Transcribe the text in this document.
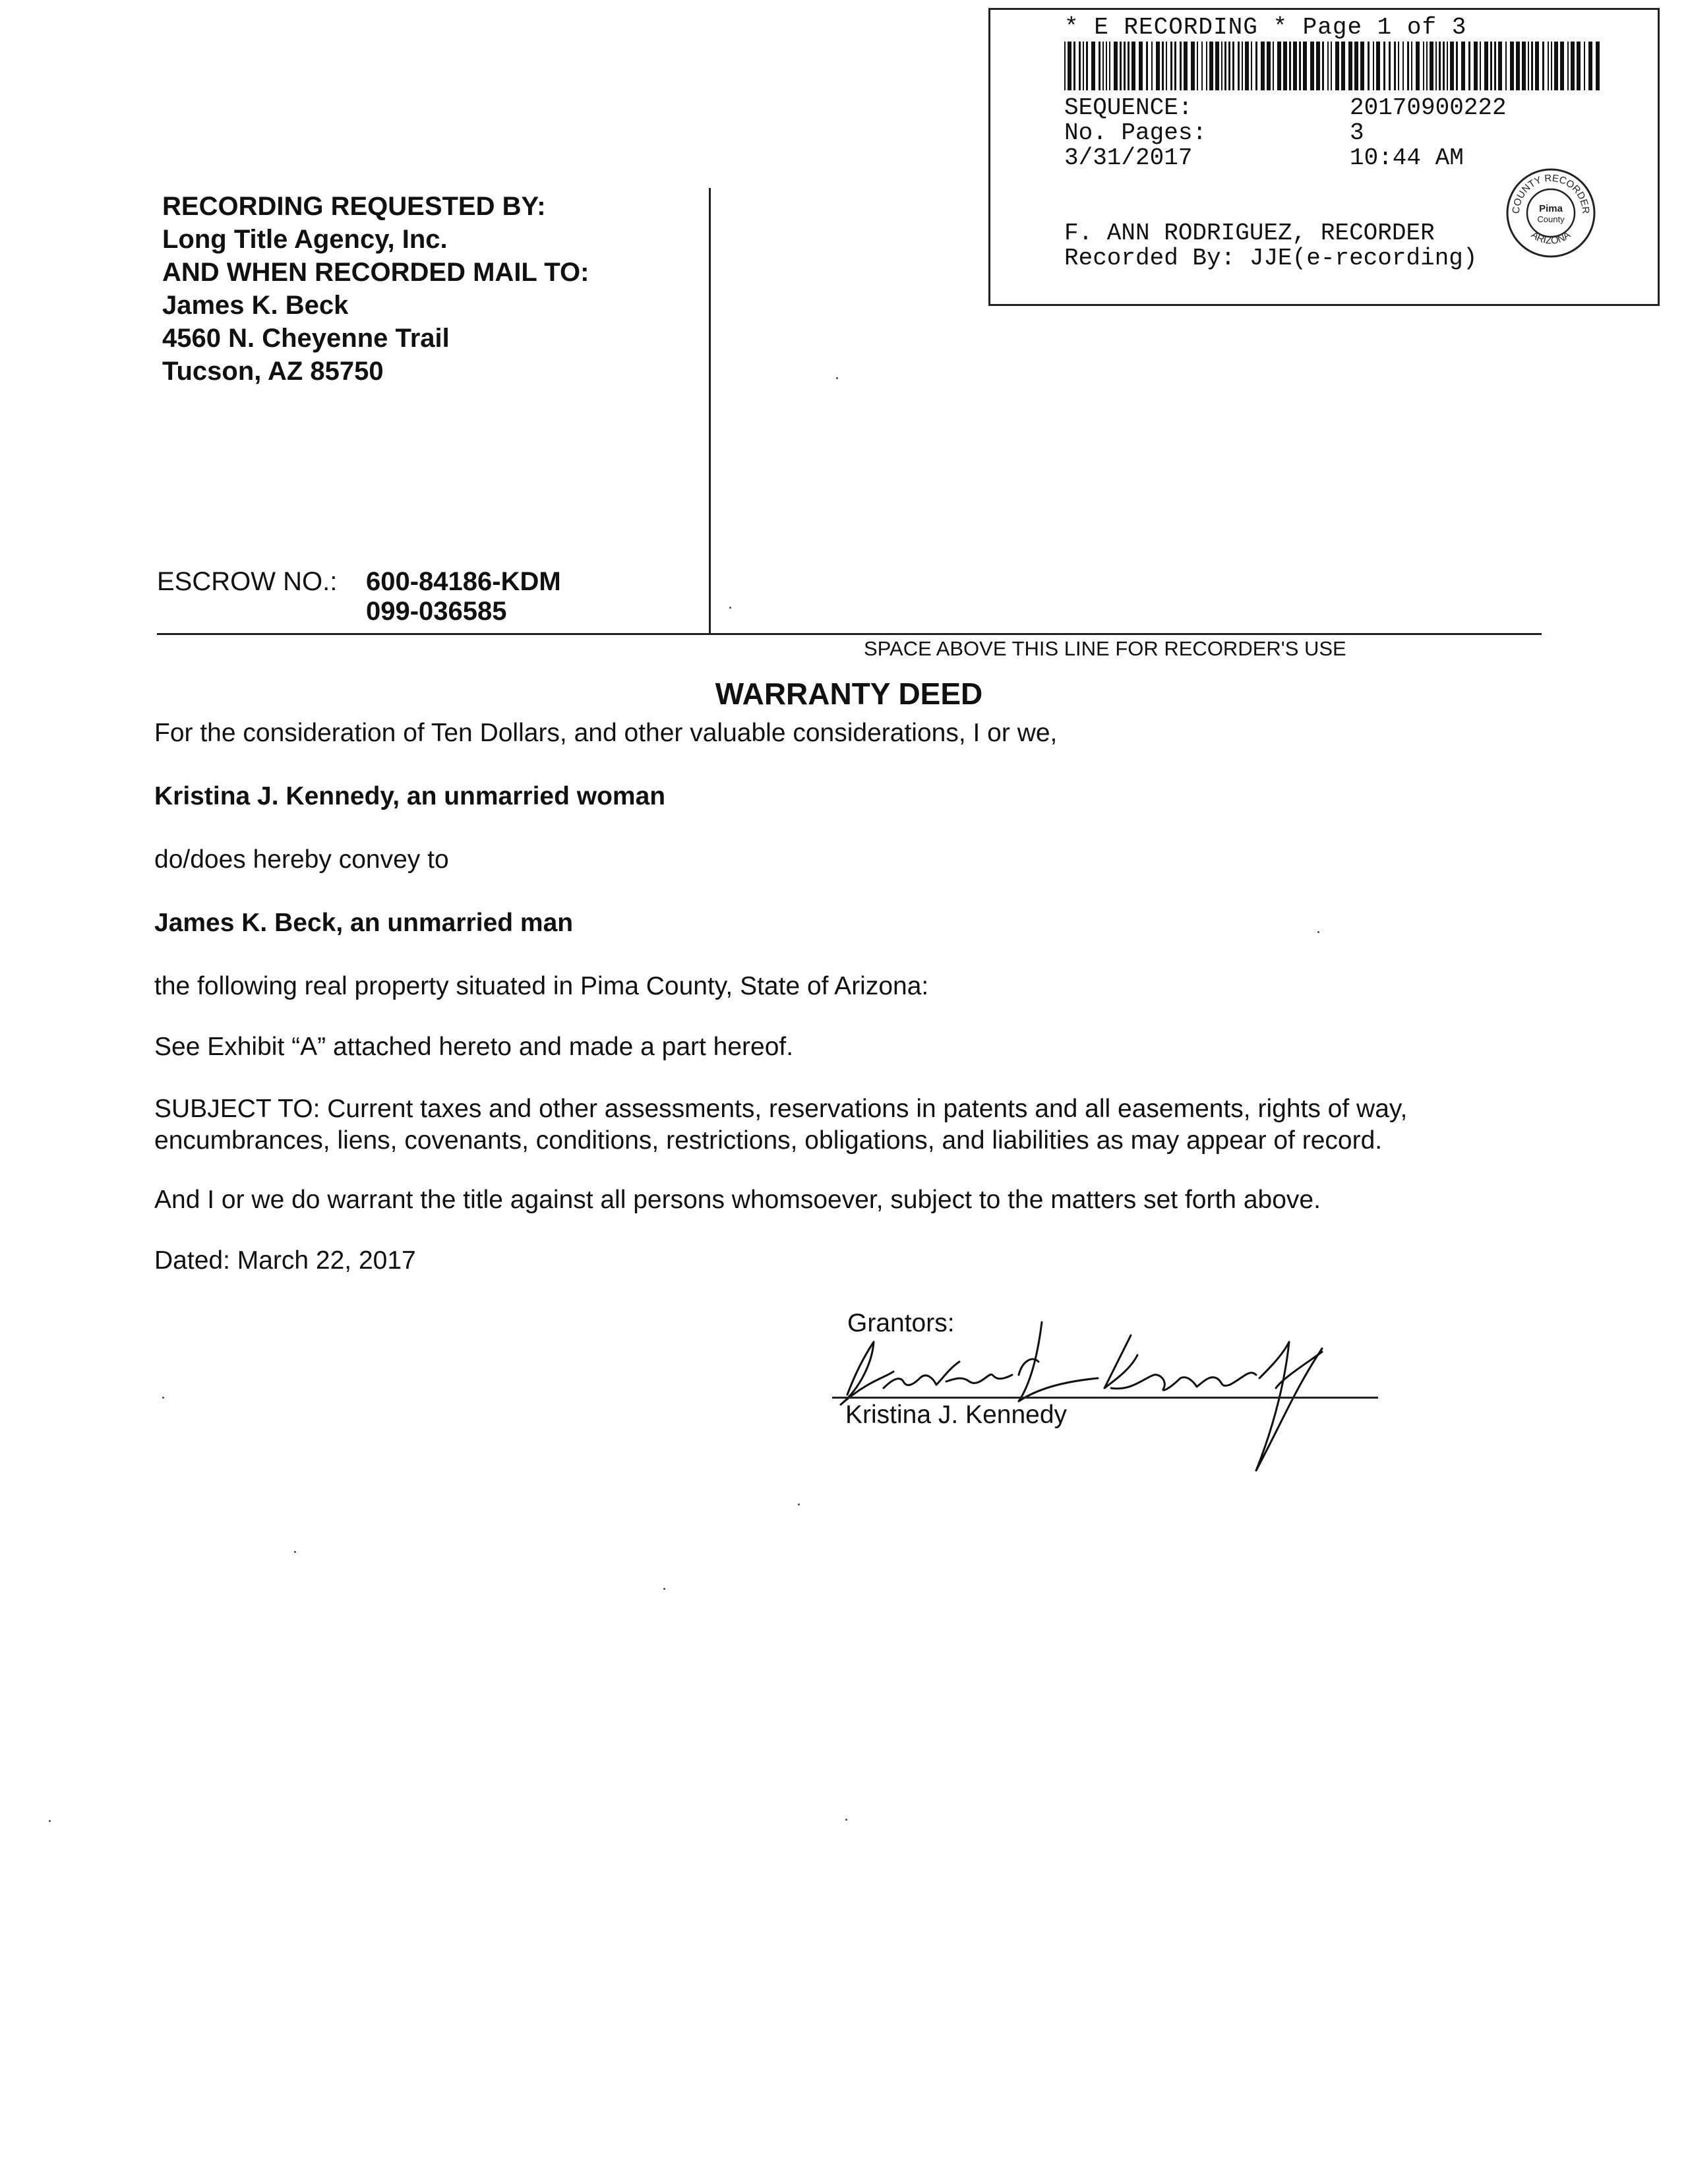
* E RECORDING * Page 1 of 3
SEQUENCE:	20170900222
No. Pages:	3
3/31/2017	10:44 AM
F. ANN RODRIGUEZ, RECORDER
Recorded By: JJE(e-recording)
COUNTY RECORDER
ARIZONA
Pima
County
RECORDING REQUESTED BY:
Long Title Agency, Inc.
AND WHEN RECORDED MAIL TO:
James K. Beck
4560 N. Cheyenne Trail
Tucson, AZ 85750
ESCROW NO.: 600-84186-KDM
099-036585
SPACE ABOVE THIS LINE FOR RECORDER'S USE
WARRANTY DEED
For the consideration of Ten Dollars, and other valuable considerations, I or we,
Kristina J. Kennedy, an unmarried woman
do/does hereby convey to
James K. Beck, an unmarried man
the following real property situated in Pima County, State of Arizona:
See Exhibit “A” attached hereto and made a part hereof.
SUBJECT TO: Current taxes and other assessments, reservations in patents and all easements, rights of way, encumbrances, liens, covenants, conditions, restrictions, obligations, and liabilities as may appear of record.
And I or we do warrant the title against all persons whomsoever, subject to the matters set forth above.
Dated: March 22, 2017
Grantors:
Kristina J. Kennedy
